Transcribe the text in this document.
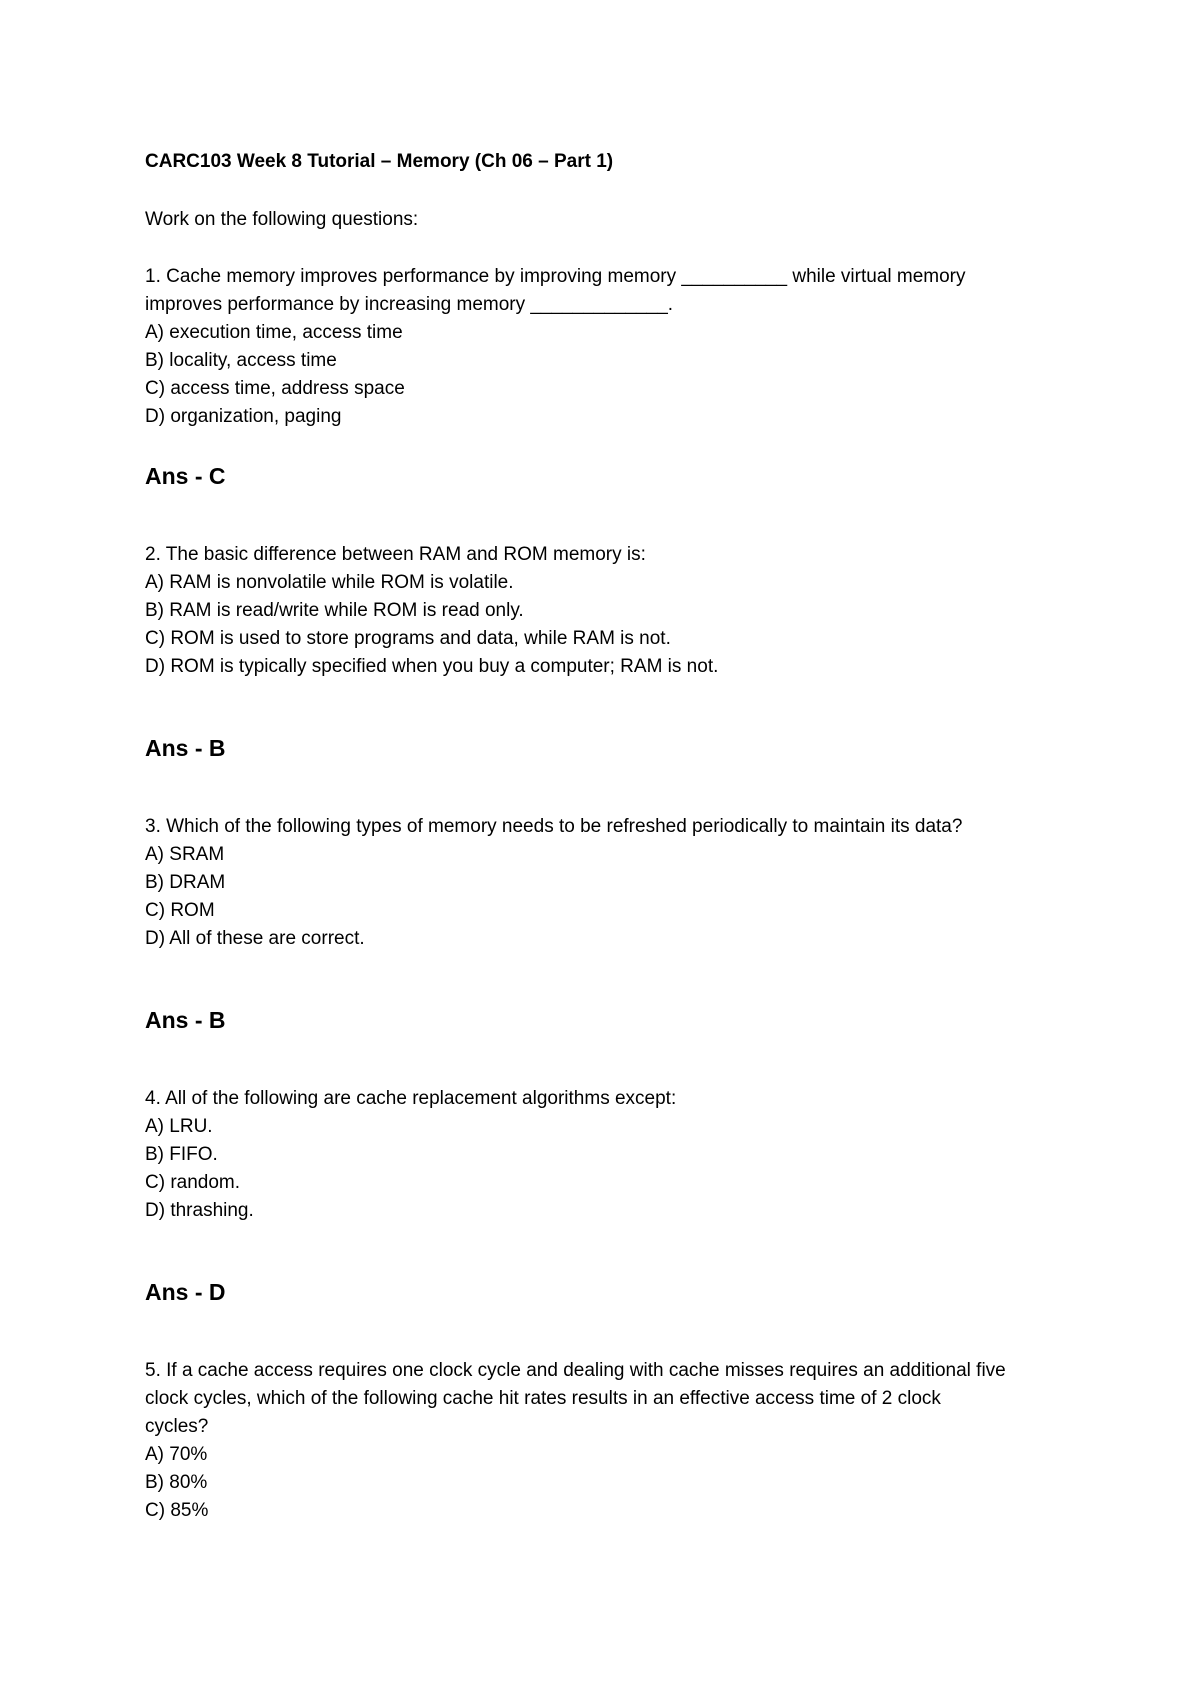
CARC103 Week 8 Tutorial – Memory (Ch 06 – Part 1)

Work on the following questions:

1. Cache memory improves performance by improving memory __________ while virtual memory

improves performance by increasing memory _____________.

A) execution time, access time

B) locality, access time

C) access time, address space

D) organization, paging

Ans - C

2. The basic difference between RAM and ROM memory is:

A) RAM is nonvolatile while ROM is volatile.

B) RAM is read/write while ROM is read only.

C) ROM is used to store programs and data, while RAM is not.

D) ROM is typically specified when you buy a computer; RAM is not.

Ans - B

3. Which of the following types of memory needs to be refreshed periodically to maintain its data?

A) SRAM

B) DRAM

C) ROM

D) All of these are correct.

Ans - B

4. All of the following are cache replacement algorithms except:

A) LRU.

B) FIFO.

C) random.

D) thrashing.

Ans - D

5. If a cache access requires one clock cycle and dealing with cache misses requires an additional five

clock cycles, which of the following cache hit rates results in an effective access time of 2 clock

cycles?

A) 70%

B) 80%

C) 85%
